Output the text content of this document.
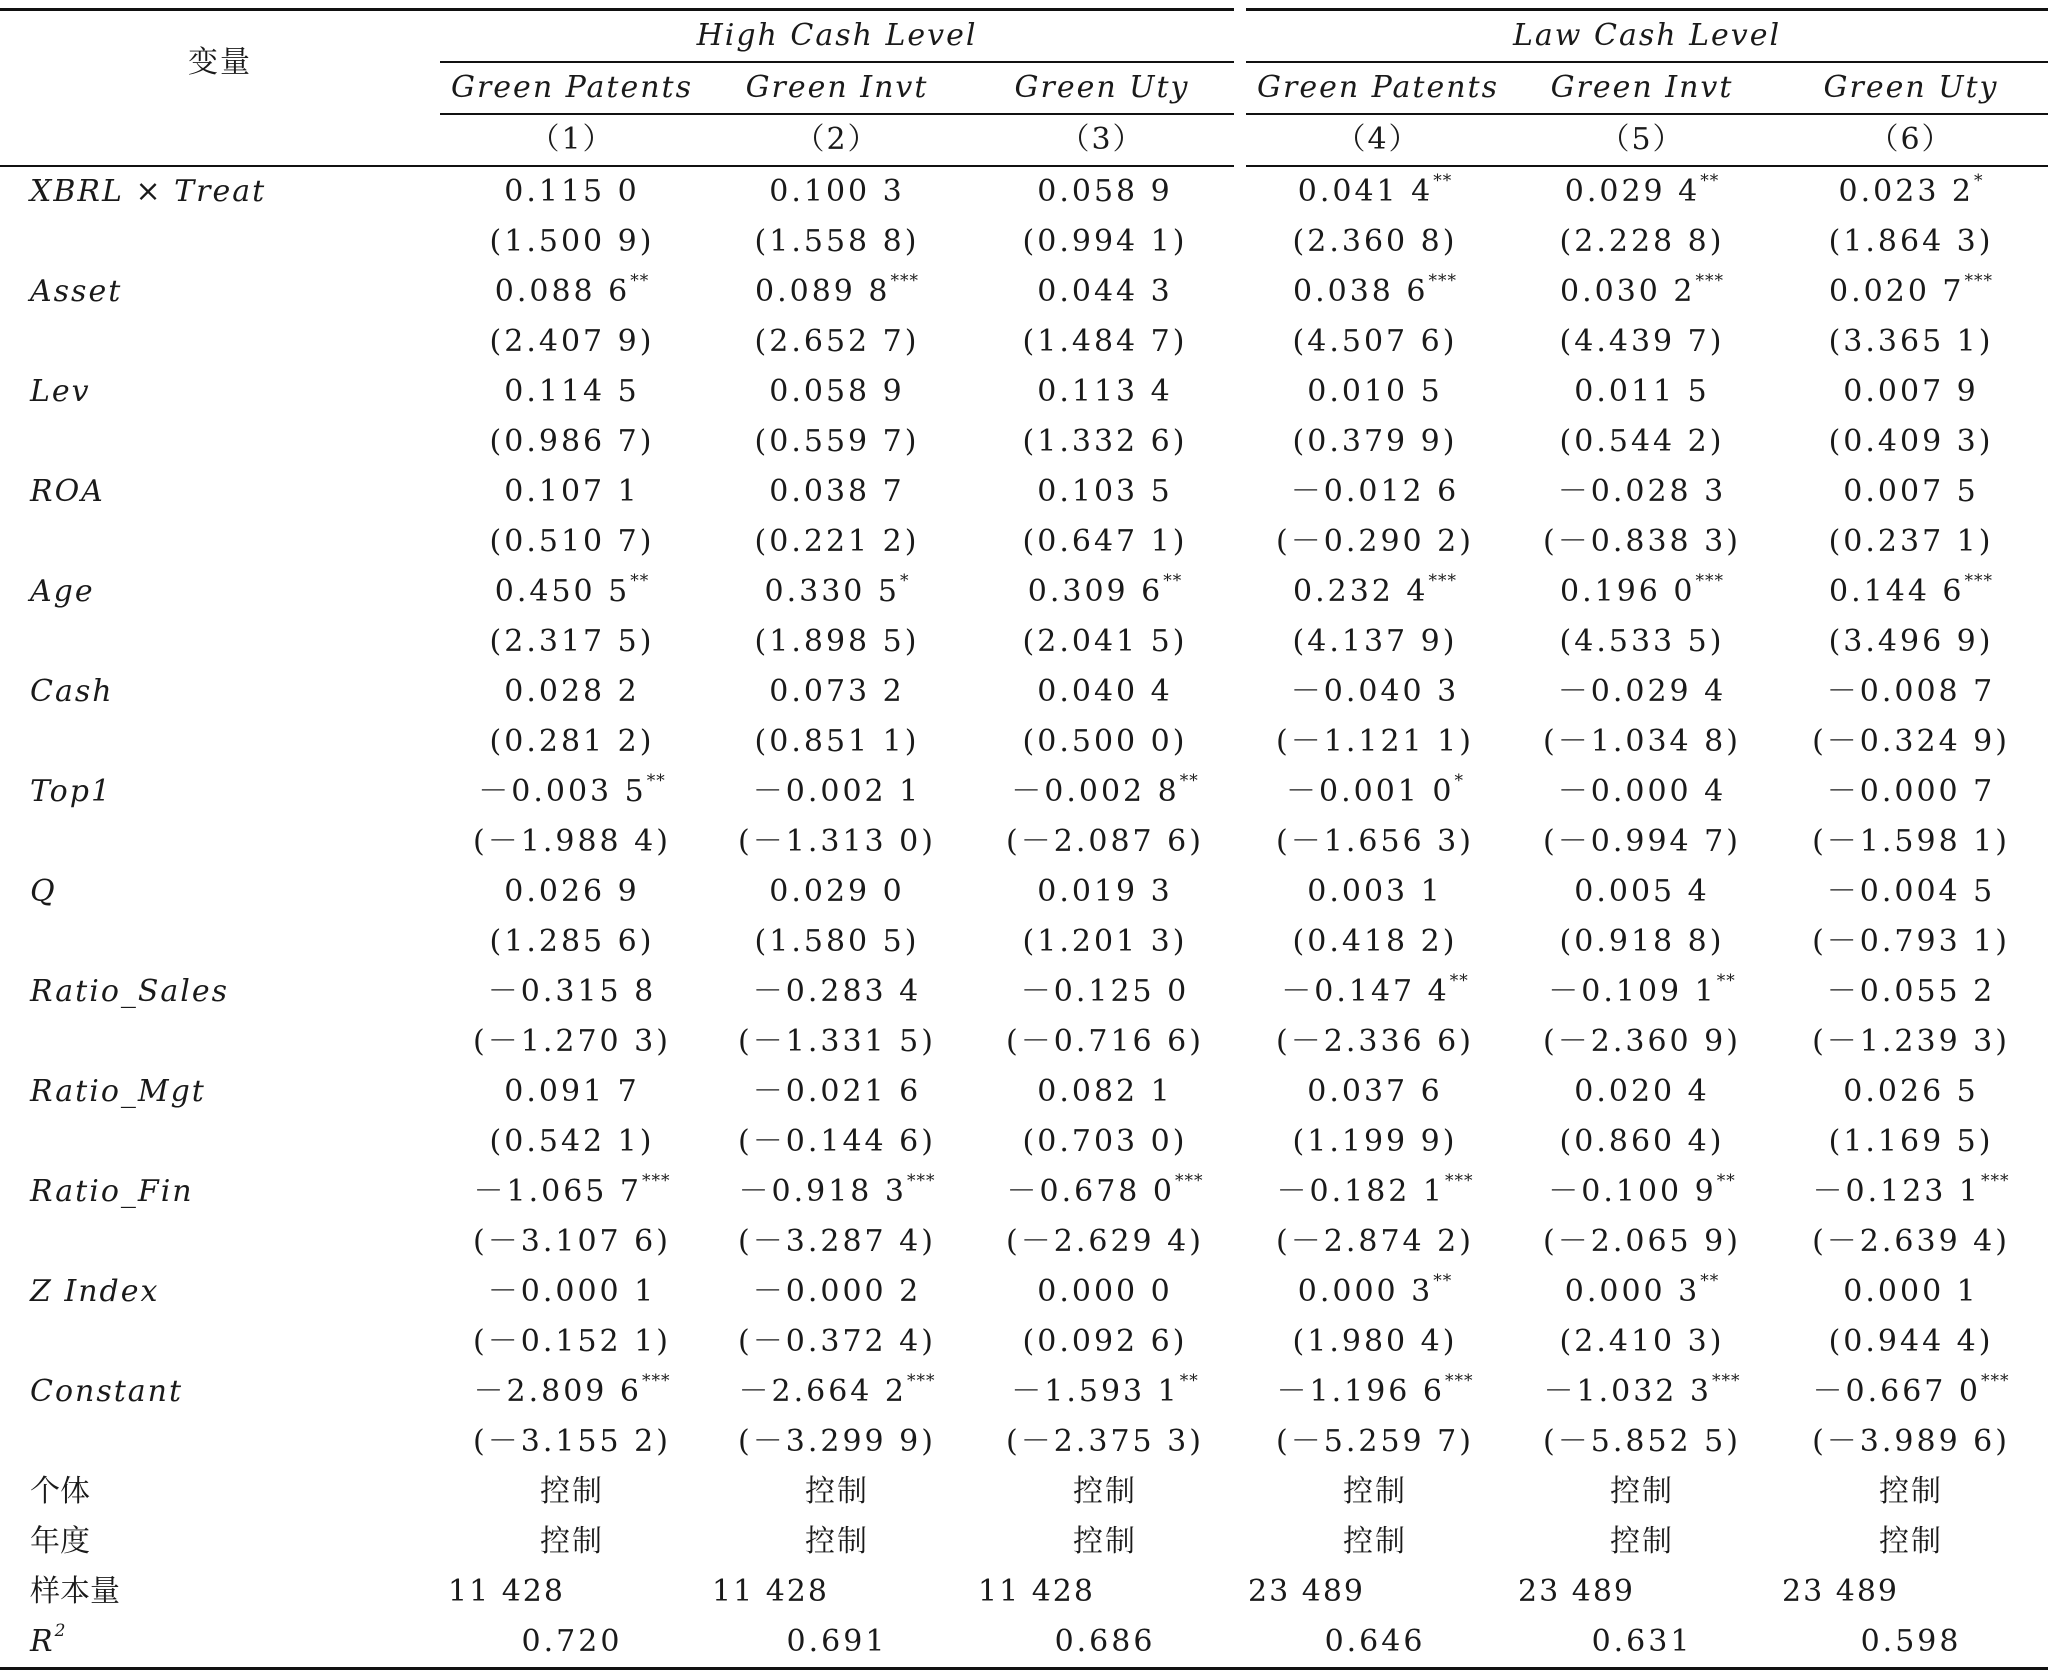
变量	High Cash Level			Law Cash Level		
	Green Patents	Green Invt	Green Uty	Green Patents	Green Invt	Green Uty
	（1）	（2）	（3）	（4）	（5）	（6）
XBRL × Treat	0.115 0	0.100 3	0.058 9	0.041 4**	0.029 4**	0.023 2*
	(1.500 9)	(1.558 8)	(0.994 1)	(2.360 8)	(2.228 8)	(1.864 3)
Asset	0.088 6**	0.089 8***	0.044 3	0.038 6***	0.030 2***	0.020 7***
	(2.407 9)	(2.652 7)	(1.484 7)	(4.507 6)	(4.439 7)	(3.365 1)
Lev	0.114 5	0.058 9	0.113 4	0.010 5	0.011 5	0.007 9
	(0.986 7)	(0.559 7)	(1.332 6)	(0.379 9)	(0.544 2)	(0.409 3)
ROA	0.107 1	0.038 7	0.103 5	－0.012 6	－0.028 3	0.007 5
	(0.510 7)	(0.221 2)	(0.647 1)	(－0.290 2)	(－0.838 3)	(0.237 1)
Age	0.450 5**	0.330 5*	0.309 6**	0.232 4***	0.196 0***	0.144 6***
	(2.317 5)	(1.898 5)	(2.041 5)	(4.137 9)	(4.533 5)	(3.496 9)
Cash	0.028 2	0.073 2	0.040 4	－0.040 3	－0.029 4	－0.008 7
	(0.281 2)	(0.851 1)	(0.500 0)	(－1.121 1)	(－1.034 8)	(－0.324 9)
Top1	－0.003 5**	－0.002 1	－0.002 8**	－0.001 0*	－0.000 4	－0.000 7
	(－1.988 4)	(－1.313 0)	(－2.087 6)	(－1.656 3)	(－0.994 7)	(－1.598 1)
Q	0.026 9	0.029 0	0.019 3	0.003 1	0.005 4	－0.004 5
	(1.285 6)	(1.580 5)	(1.201 3)	(0.418 2)	(0.918 8)	(－0.793 1)
Ratio_Sales	－0.315 8	－0.283 4	－0.125 0	－0.147 4**	－0.109 1**	－0.055 2
	(－1.270 3)	(－1.331 5)	(－0.716 6)	(－2.336 6)	(－2.360 9)	(－1.239 3)
Ratio_Mgt	0.091 7	－0.021 6	0.082 1	0.037 6	0.020 4	0.026 5
	(0.542 1)	(－0.144 6)	(0.703 0)	(1.199 9)	(0.860 4)	(1.169 5)
Ratio_Fin	－1.065 7***	－0.918 3***	－0.678 0***	－0.182 1***	－0.100 9**	－0.123 1***
	(－3.107 6)	(－3.287 4)	(－2.629 4)	(－2.874 2)	(－2.065 9)	(－2.639 4)
Z Index	－0.000 1	－0.000 2	0.000 0	0.000 3**	0.000 3**	0.000 1
	(－0.152 1)	(－0.372 4)	(0.092 6)	(1.980 4)	(2.410 3)	(0.944 4)
Constant	－2.809 6***	－2.664 2***	－1.593 1**	－1.196 6***	－1.032 3***	－0.667 0***
	(－3.155 2)	(－3.299 9)	(－2.375 3)	(－5.259 7)	(－5.852 5)	(－3.989 6)
个体	控制	控制	控制	控制	控制	控制
年度	控制	控制	控制	控制	控制	控制
样本量	11 428	11 428	11 428	23 489	23 489	23 489
$R^2$	0.720	0.691	0.686	0.646	0.631	0.598
